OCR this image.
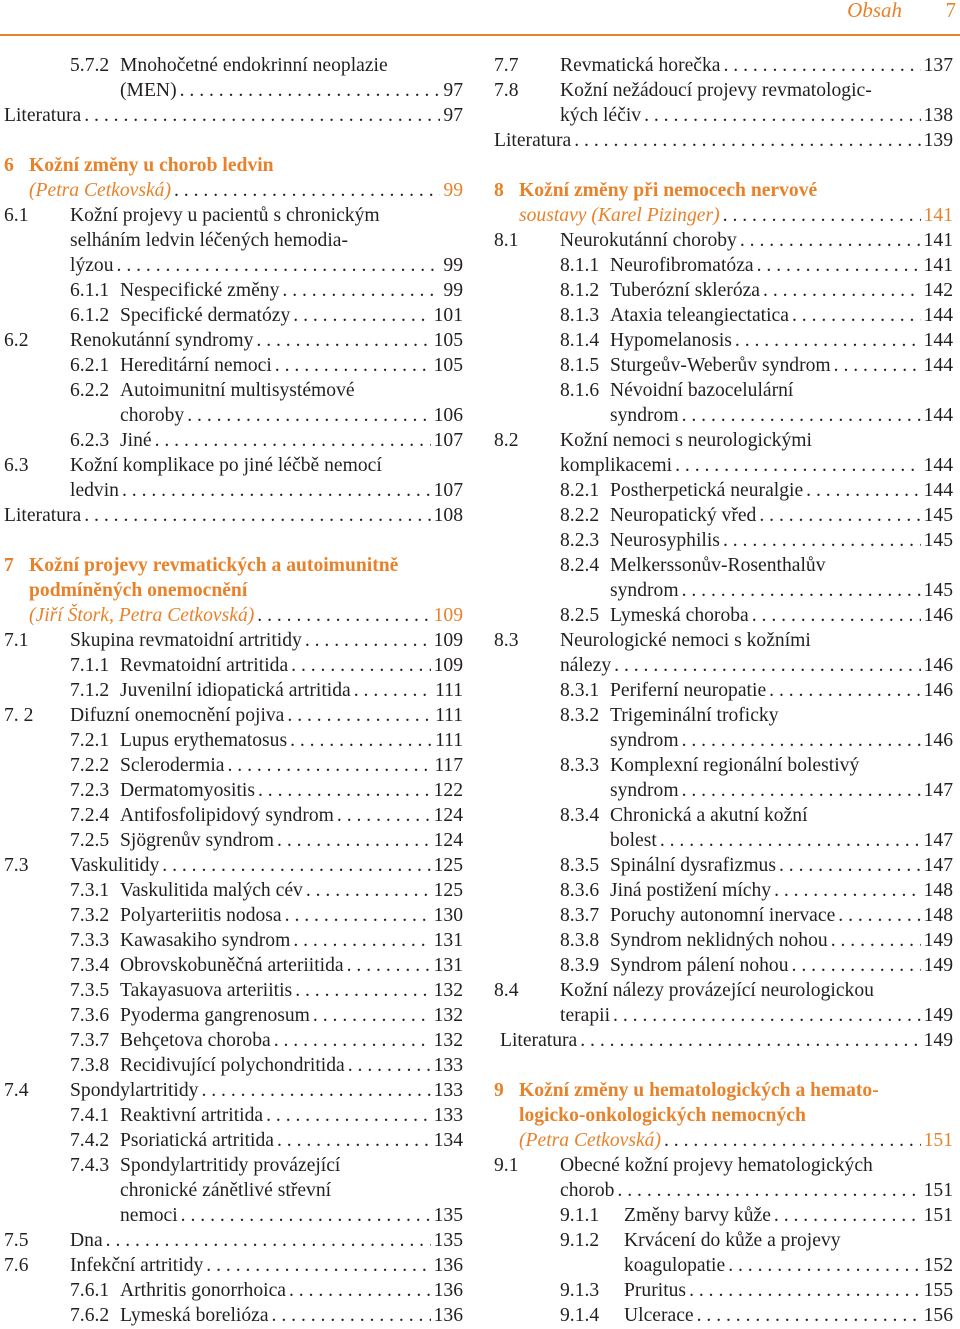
Obsah 7
5.7.2 Mnohočetné endokrinní neoplazie
(MEN) . . .	97
Literatura . . .	97
6 Kožní změny u chorob ledvin
(Petra Cetkovská) . . .	99
6.1 Kožní projevy u pacientů s chronickým
selháním ledvin léčených hemodia-
lýzou . . .	99
6.1.1 Nespecifické změny . . .	99
6.1.2 Specifické dermatózy . . .	101
6.2 Renokutánní syndromy . . .	105
6.2.1 Hereditární nemoci . . .	105
6.2.2 Autoimunitní multisystémové
choroby . . .	106
6.2.3 Jiné . . .	107
6.3 Kožní komplikace po jiné léčbě nemocí
ledvin . . .	107
Literatura . . .	108
7 Kožní projevy revmatických a autoimunitně
podmíněných onemocnění
(Jiří Štork, Petra Cetkovská) . . .	109
7.1 Skupina revmatoidní artritidy . . .	109
7.1.1 Revmatoidní artritida . . .	109
7.1.2 Juvenilní idiopatická artritida . . .	111
7. 2 Difuzní onemocnění pojiva . . .	111
7.2.1 Lupus erythematosus . . .	111
7.2.2 Sclerodermia . . .	117
7.2.3 Dermatomyositis . . .	122
7.2.4 Antifosfolipidový syndrom . . .	124
7.2.5 Sjögrenův syndrom . . .	124
7.3 Vaskulitidy . . .	125
7.3.1 Vaskulitida malých cév . . .	125
7.3.2 Polyarteriitis nodosa . . .	130
7.3.3 Kawasakiho syndrom . . .	131
7.3.4 Obrovskobuněčná arteriitida . . .	131
7.3.5 Takayasuova arteriitis . . .	132
7.3.6 Pyoderma gangrenosum . . .	132
7.3.7 Behçetova choroba . . .	132
7.3.8 Recidivující polychondritida . . .	133
7.4 Spondylartritidy . . .	133
7.4.1 Reaktivní artritida . . .	133
7.4.2 Psoriatická artritida . . .	134
7.4.3 Spondylartritidy provázející
chronické zánětlivé střevní
nemoci . . .	135
7.5 Dna . . .	135
7.6 Infekční artritidy . . .	136
7.6.1 Arthritis gonorrhoica . . .	136
7.6.2 Lymeská borelióza . . .	136
7.7 Revmatická horečka . . .	137
7.8 Kožní nežádoucí projevy revmatologic-
kých léčiv . . .	138
Literatura . . .	139
8 Kožní změny při nemocech nervové
soustavy (Karel Pizinger) . . .	141
8.1 Neurokutánní choroby . . .	141
8.1.1 Neurofibromatóza . . .	141
8.1.2 Tuberózní skleróza . . .	142
8.1.3 Ataxia teleangiectatica . . .	144
8.1.4 Hypomelanosis . . .	144
8.1.5 Sturgeův-Weberův syndrom . . .	144
8.1.6 Névoidní bazocelulární
syndrom . . .	144
8.2 Kožní nemoci s neurologickými
komplikacemi . . .	144
8.2.1 Postherpetická neuralgie . . .	144
8.2.2 Neuropatický vřed . . .	145
8.2.3 Neurosyphilis . . .	145
8.2.4 Melkerssonův-Rosenthalův
syndrom . . .	145
8.2.5 Lymeská choroba . . .	146
8.3 Neurologické nemoci s kožními
nálezy . . .	146
8.3.1 Periferní neuropatie . . .	146
8.3.2 Trigeminální troficky
syndrom . . .	146
8.3.3 Komplexní regionální bolestivý
syndrom . . .	147
8.3.4 Chronická a akutní kožní
bolest . . .	147
8.3.5 Spinální dysrafizmus . . .	147
8.3.6 Jiná postižení míchy . . .	148
8.3.7 Poruchy autonomní inervace . . .	148
8.3.8 Syndrom neklidných nohou . . .	149
8.3.9 Syndrom pálení nohou . . .	149
8.4 Kožní nálezy provázející neurologickou
terapii . . .	149
Literatura . . .	149
9 Kožní změny u hematologických a hemato-
logicko-onkologických nemocných
(Petra Cetkovská) . . .	151
9.1 Obecné kožní projevy hematologických
chorob . . .	151
9.1.1 Změny barvy kůže . . .	151
9.1.2 Krvácení do kůže a projevy
koagulopatie . . .	152
9.1.3 Pruritus . . .	155
9.1.4 Ulcerace . . .	156
